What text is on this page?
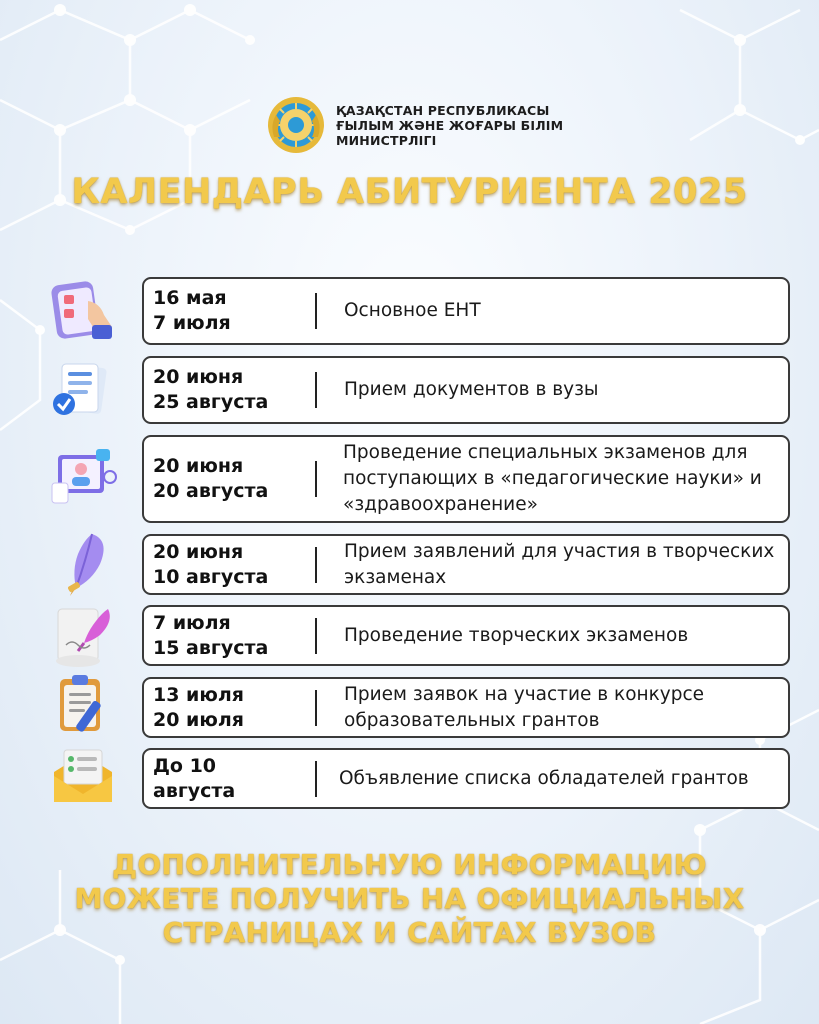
ҚАЗАҚСТАН РЕСПУБЛИКАСЫ
ҒЫЛЫМ ЖӘНЕ ЖОҒАРЫ БІЛІМ
МИНИСТРЛІГІ
КАЛЕНДАРЬ АБИТУРИЕНТА 2025
16 мая
7 июля
Основное ЕНТ
20 июня
25 августа
Прием документов в вузы
20 июня
20 августа
Проведение специальных экзаменов для поступающих в «педагогические науки» и «здравоохранение»
20 июня
10 августа
Прием заявлений для участия в творческих экзаменах
7 июля
15 августа
Проведение творческих экзаменов
13 июля
20 июля
Прием заявок на участие в конкурсе образовательных грантов
До 10
августа
Объявление списка обладателей грантов
ДОПОЛНИТЕЛЬНУЮ ИНФОРМАЦИЮ
МОЖЕТЕ ПОЛУЧИТЬ НА ОФИЦИАЛЬНЫХ
СТРАНИЦАХ И САЙТАХ ВУЗОВ
